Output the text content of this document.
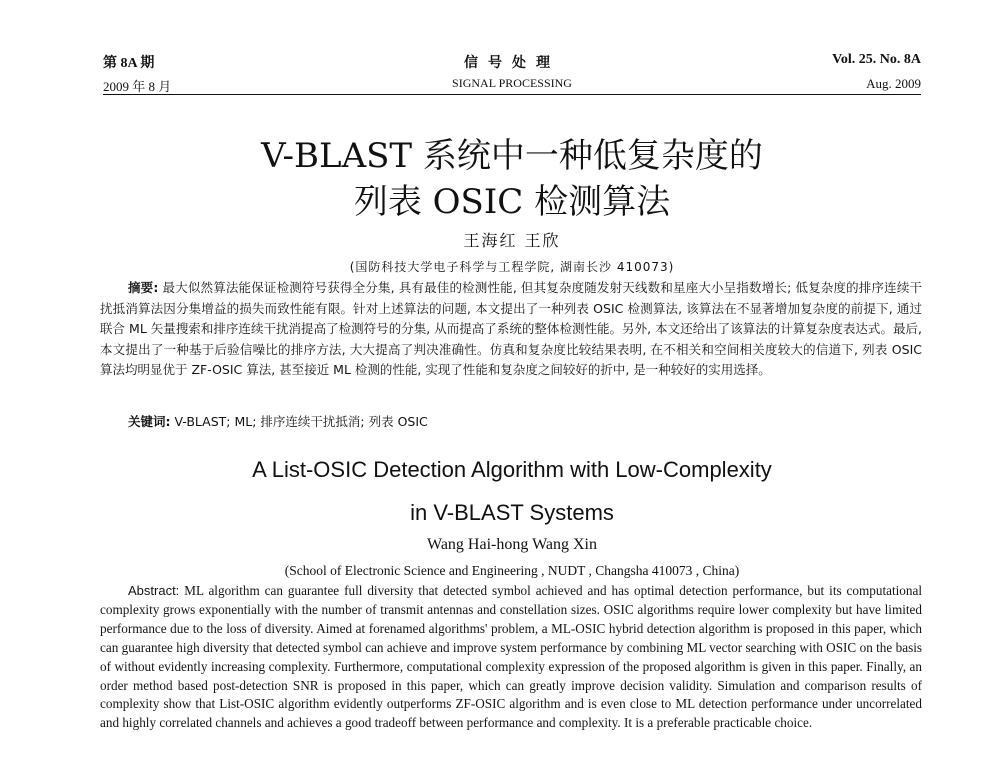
第 8A 期	信号处理	Vol. 25. No. 8A
2009 年 8 月	SIGNAL PROCESSING	Aug. 2009
V-BLAST 系统中一种低复杂度的
列表 OSIC 检测算法
王海红 王欣
(国防科技大学电子科学与工程学院, 湖南长沙 410073)
摘要: 最大似然算法能保证检测符号获得全分集, 具有最佳的检测性能, 但其复杂度随发射天线数和星座大小呈指数增长; 低复杂度的排序连续干扰抵消算法因分集增益的损失而致性能有限。针对上述算法的问题, 本文提出了一种列表 OSIC 检测算法, 该算法在不显著增加复杂度的前提下, 通过联合 ML 矢量搜索和排序连续干扰消提高了检测符号的分集, 从而提高了系统的整体检测性能。另外, 本文还给出了该算法的计算复杂度表达式。最后, 本文提出了一种基于后验信噪比的排序方法, 大大提高了判决准确性。仿真和复杂度比较结果表明, 在不相关和空间相关度较大的信道下, 列表 OSIC 算法均明显优于 ZF-OSIC 算法, 甚至接近 ML 检测的性能, 实现了性能和复杂度之间较好的折中, 是一种较好的实用选择。
关键词: V-BLAST; ML; 排序连续干扰抵消; 列表 OSIC
A List-OSIC Detection Algorithm with Low-Complexity
in V-BLAST Systems
Wang Hai-hong Wang Xin
(School of Electronic Science and Engineering , NUDT , Changsha 410073 , China)
Abstract: ML algorithm can guarantee full diversity that detected symbol achieved and has optimal detection performance, but its computational complexity grows exponentially with the number of transmit antennas and constellation sizes. OSIC algorithms require lower complexity but have limited performance due to the loss of diversity. Aimed at forenamed algorithms' problem, a ML-OSIC hybrid detection algorithm is proposed in this paper, which can guarantee high diversity that detected symbol can achieve and improve system performance by combining ML vector searching with OSIC on the basis of without evidently increasing complexity. Furthermore, computational complexity expression of the proposed algorithm is given in this paper. Finally, an order method based post-detection SNR is proposed in this paper, which can greatly improve decision validity. Simulation and comparison results of complexity show that List-OSIC algorithm evidently outperforms ZF-OSIC algorithm and is even close to ML detection performance under uncorrelated and highly correlated channels and achieves a good tradeoff between performance and complexity. It is a preferable practicable choice.
